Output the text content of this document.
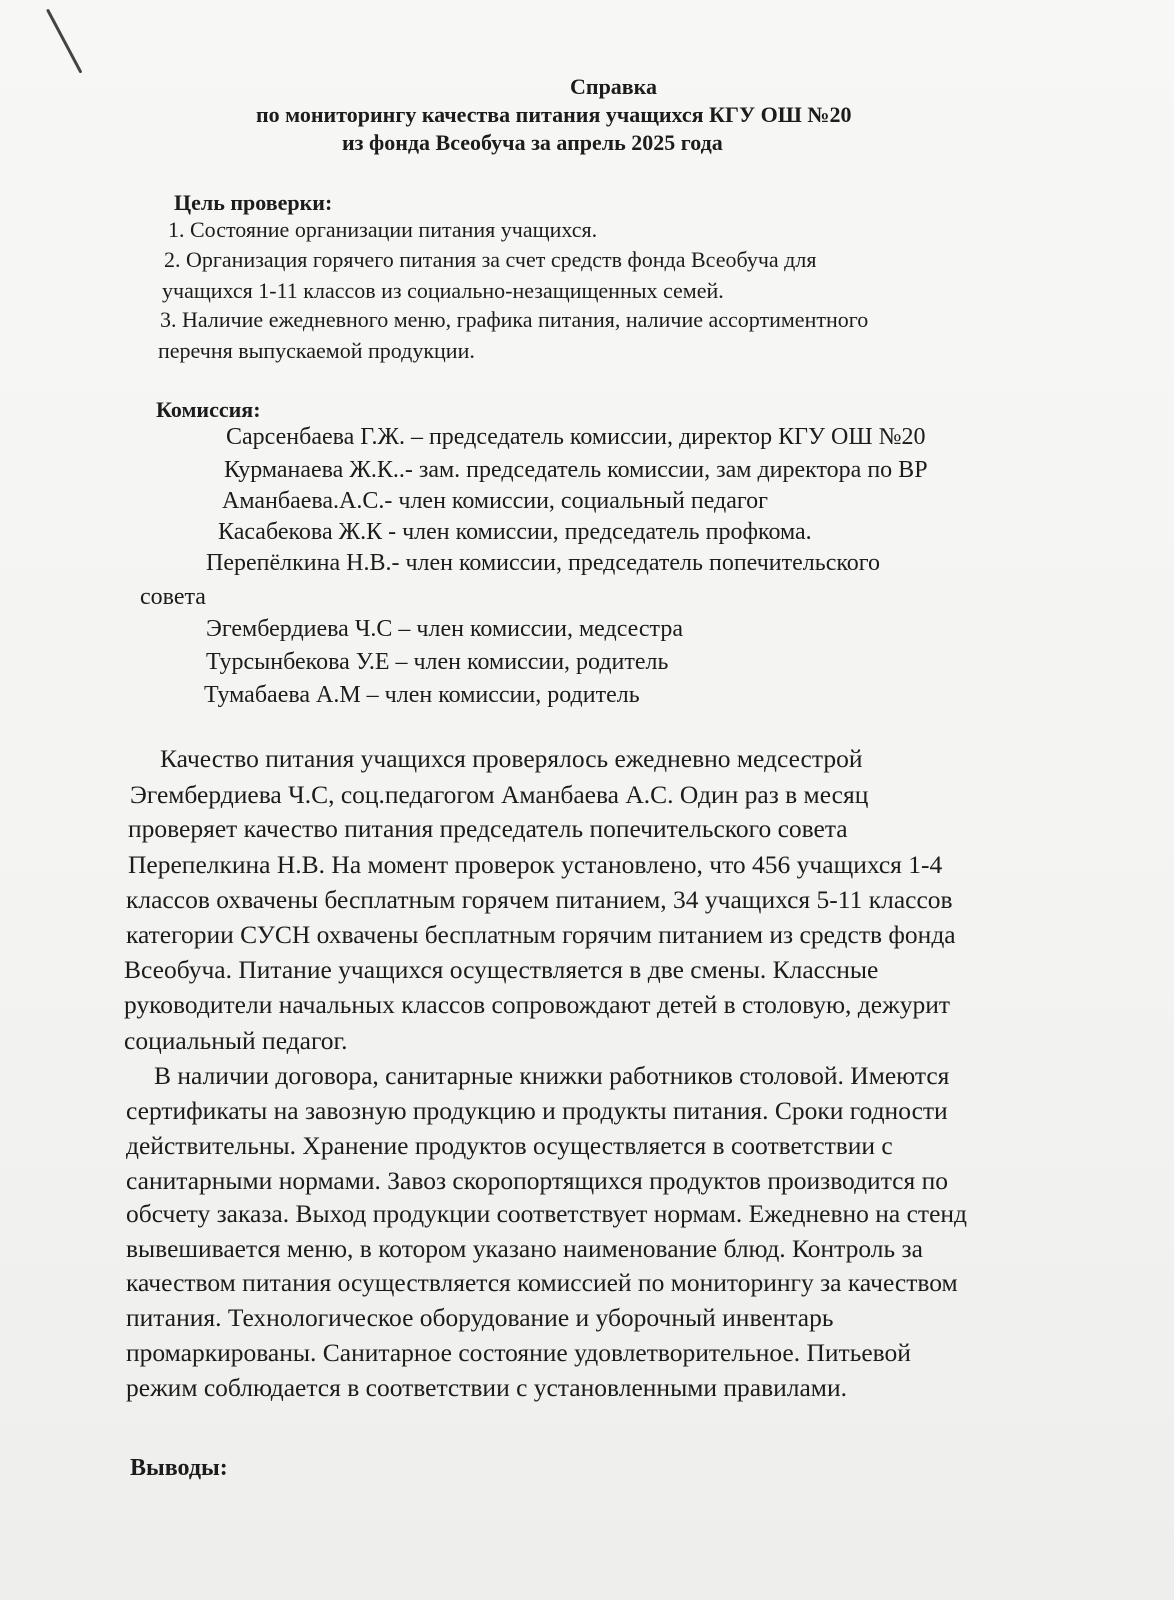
Справка
по мониторингу качества питания учащихся КГУ ОШ №20
из фонда Всеобуча за апрель 2025 года
Цель проверки:
1. Состояние организации питания учащихся.
2. Организация горячего питания за счет средств фонда Всеобуча для
учащихся 1-11 классов из социально-незащищенных семей.
3. Наличие ежедневного меню, графика питания, наличие ассортиментного
перечня выпускаемой продукции.
Комиссия:
Сарсенбаева Г.Ж. – председатель комиссии, директор КГУ ОШ №20
Курманаева Ж.К..- зам. председатель комиссии, зам директора по ВР
Аманбаева.А.С.- член комиссии, социальный педагог
Касабекова Ж.К - член комиссии, председатель профкома.
Перепёлкина Н.В.- член комиссии, председатель попечительского
совета
Эгембердиева Ч.С – член комиссии, медсестра
Турсынбекова У.Е – член комиссии, родитель
Тумабаева А.М – член комиссии, родитель
Качество питания учащихся проверялось ежедневно медсестрой
Эгембердиева Ч.С, соц.педагогом Аманбаева А.С. Один раз в месяц
проверяет качество питания председатель попечительского совета
Перепелкина Н.В. На момент проверок установлено, что 456 учащихся 1-4
классов охвачены бесплатным горячем питанием, 34 учащихся 5-11 классов
категории СУСН охвачены бесплатным горячим питанием из средств фонда
Всеобуча. Питание учащихся осуществляется в две смены. Классные
руководители начальных классов сопровождают детей в столовую, дежурит
социальный педагог.
В наличии договора, санитарные книжки работников столовой. Имеются
сертификаты на завозную продукцию и продукты питания. Сроки годности
действительны. Хранение продуктов осуществляется в соответствии с
санитарными нормами. Завоз скоропортящихся продуктов производится по
обсчету заказа. Выход продукции соответствует нормам. Ежедневно на стенд
вывешивается меню, в котором указано наименование блюд. Контроль за
качеством питания осуществляется комиссией по мониторингу за качеством
питания. Технологическое оборудование и уборочный инвентарь
промаркированы. Санитарное состояние удовлетворительное. Питьевой
режим соблюдается в соответствии с установленными правилами.
Выводы:
